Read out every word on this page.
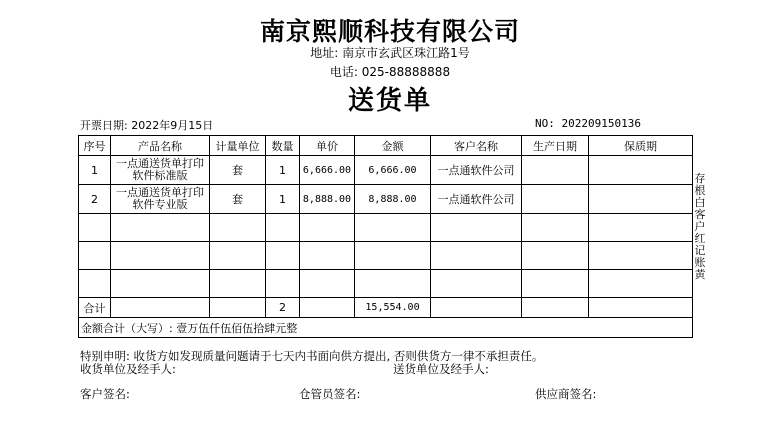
南京熙顺科技有限公司
地址: 南京市玄武区珠江路1号
电话: 025-88888888
送货单
开票日期: 2022年9月15日	NO: 202209150136
序号	产品名称	计量单位	数量	单价	金额	客户名称	生产日期	保质期
1	一点通送货单打印软件标准版	套	1	6,666.00	6,666.00	一点通软件公司		
2	一点通送货单打印软件专业版	套	1	8,888.00	8,888.00	一点通软件公司		

合计			2		15,554.00			
金额合计（大写）: 壹万伍仟伍佰伍拾肆元整								
存根白客户红记账黄
特别申明: 收货方如发现质量问题请于七天内书面向供方提出, 否则供货方一律不承担责任。
收货单位及经手人:	送货单位及经手人:
客户签名:	仓管员签名:	供应商签名:
